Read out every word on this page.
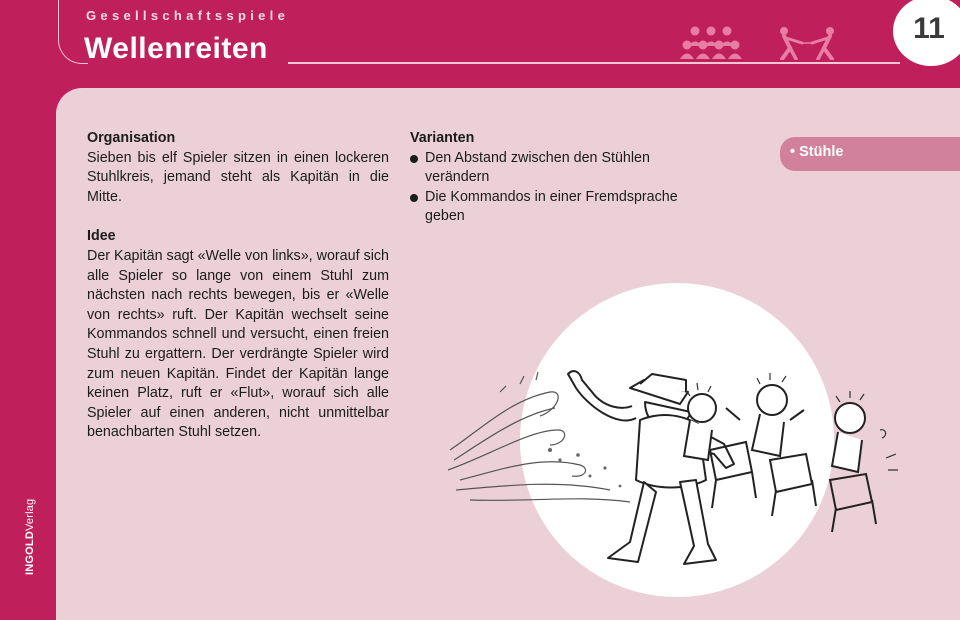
Gesellschaftsspiele
Wellenreiten
11
INGOLDVerlag
Organisation

Sieben bis elf Spieler sitzen in einen lockeren Stuhlkreis, jemand steht als Kapitän in die Mitte.

Idee

Der Kapitän sagt «Welle von links», worauf sich alle Spieler so lange von einem Stuhl zum nächsten nach rechts bewegen, bis er «Welle von rechts» ruft. Der Kapitän wechselt seine Kommandos schnell und versucht, einen freien Stuhl zu ergattern. Der verdrängte Spieler wird zum neuen Kapitän. Findet der Kapitän lange keinen Platz, ruft er «Flut», worauf sich alle Spieler auf einen anderen, nicht unmittelbar benachbarten Stuhl setzen.

Varianten
Den Abstand zwischen den Stühlen verändern
Die Kommandos in einer Fremdsprache geben
• Stühle
